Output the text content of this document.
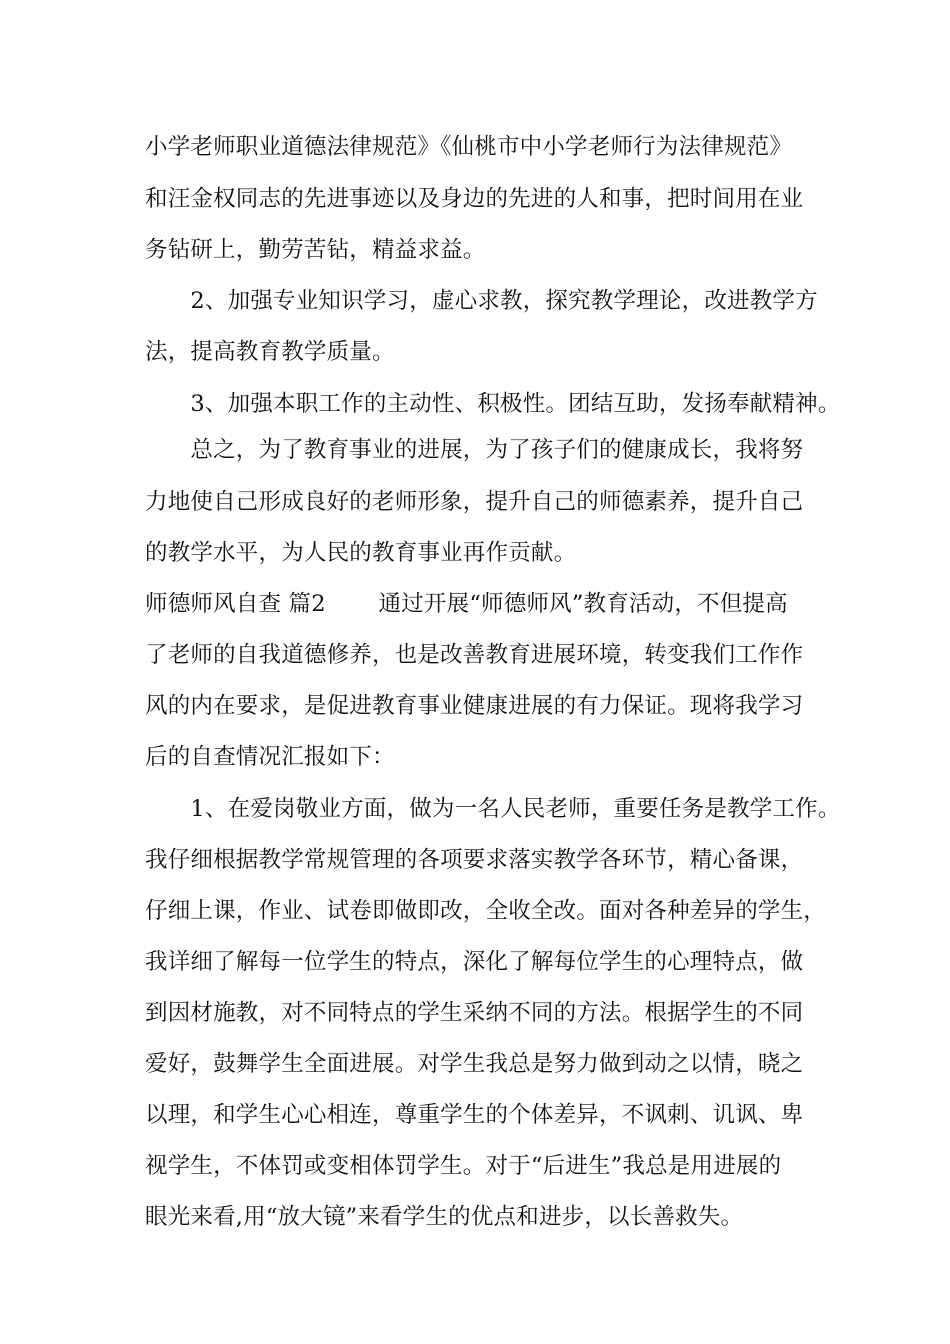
小学老师职业道德法律规范》《仙桃市中小学老师行为法律规范》
和汪金权同志的先进事迹以及身边的先进的人和事，把时间用在业
务钻研上，勤劳苦钻，精益求益。
　　2、加强专业知识学习，虚心求教，探究教学理论，改进教学方
法，提高教育教学质量。
　　3、加强本职工作的主动性、积极性。团结互助，发扬奉献精神。
　　总之，为了教育事业的进展，为了孩子们的健康成长，我将努
力地使自己形成良好的老师形象，提升自己的师德素养，提升自己
的教学水平，为人民的教育事业再作贡献。
师德师风自查 篇2　　 通过开展“师德师风”教育活动，不但提高
了老师的自我道德修养，也是改善教育进展环境，转变我们工作作
风的内在要求，是促进教育事业健康进展的有力保证。现将我学习
后的自查情况汇报如下：
　　1、在爱岗敬业方面，做为一名人民老师，重要任务是教学工作。
我仔细根据教学常规管理的各项要求落实教学各环节，精心备课，
仔细上课，作业、试卷即做即改，全收全改。面对各种差异的学生，
我详细了解每一位学生的特点，深化了解每位学生的心理特点，做
到因材施教，对不同特点的学生采纳不同的方法。根据学生的不同
爱好，鼓舞学生全面进展。对学生我总是努力做到动之以情，晓之
以理，和学生心心相连，尊重学生的个体差异，不讽刺、讥讽、卑
视学生，不体罚或变相体罚学生。对于“后进生”我总是用进展的
眼光来看,用“放大镜”来看学生的优点和进步，以长善救失。
